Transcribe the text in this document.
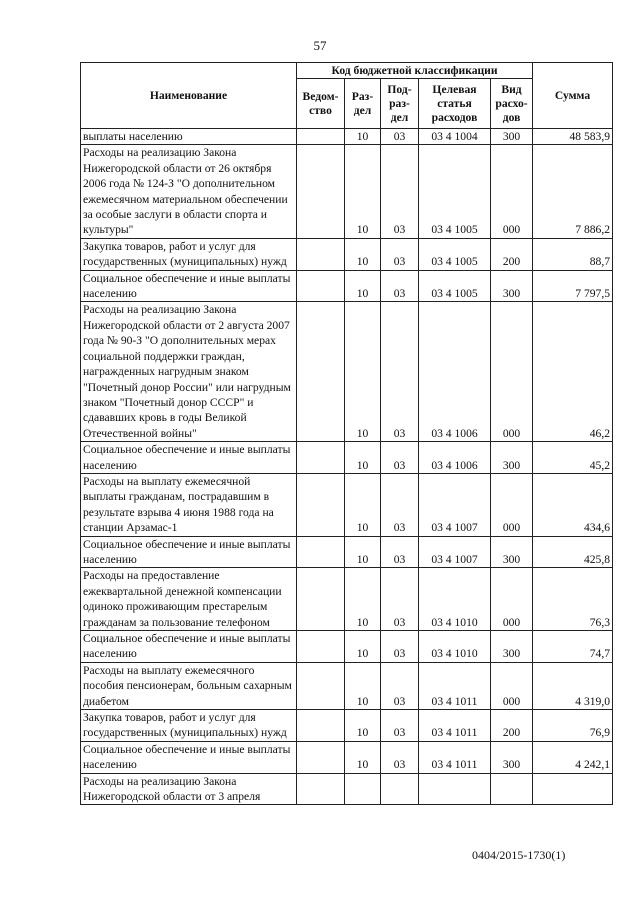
57
Наименование	Код бюджетной классификации					Сумма
	Ведом-ство	Раз-дел	Под-раз-дел	Целевая статья расходов	Вид расхо-дов	
выплаты населению		10	03	03 4 1004	300	48 583,9
Расходы на реализацию Закона Нижегородской области от 26 октября 2006 года № 124-З "О дополнительном ежемесячном материальном обеспечении за особые заслуги в области спорта и культуры"		10	03	03 4 1005	000	7 886,2
Закупка товаров, работ и услуг для государственных (муниципальных) нужд		10	03	03 4 1005	200	88,7
Социальное обеспечение и иные выплаты населению		10	03	03 4 1005	300	7 797,5
Расходы на реализацию Закона Нижегородской области от 2 августа 2007 года № 90-З "О дополнительных мерах социальной поддержки граждан, награжденных нагрудным знаком "Почетный донор России" или нагрудным знаком "Почетный донор СССР" и сдававших кровь в годы Великой Отечественной войны"		10	03	03 4 1006	000	46,2
Социальное обеспечение и иные выплаты населению		10	03	03 4 1006	300	45,2
Расходы на выплату ежемесячной выплаты гражданам, пострадавшим в результате взрыва 4 июня 1988 года на станции Арзамас-1		10	03	03 4 1007	000	434,6
Социальное обеспечение и иные выплаты населению		10	03	03 4 1007	300	425,8
Расходы на предоставление ежеквартальной денежной компенсации одиноко проживающим престарелым гражданам за пользование телефоном		10	03	03 4 1010	000	76,3
Социальное обеспечение и иные выплаты населению		10	03	03 4 1010	300	74,7
Расходы на выплату ежемесячного пособия пенсионерам, больным сахарным диабетом		10	03	03 4 1011	000	4 319,0
Закупка товаров, работ и услуг для государственных (муниципальных) нужд		10	03	03 4 1011	200	76,9
Социальное обеспечение и иные выплаты населению		10	03	03 4 1011	300	4 242,1
Расходы на реализацию Закона Нижегородской области от 3 апреля						
0404/2015-1730(1)
